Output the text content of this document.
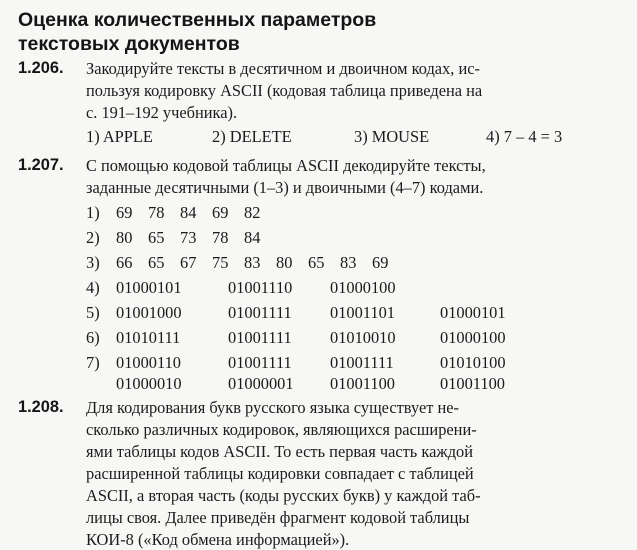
Оценка количественных параметров
текстовых документов
1.206. Закодируйте тексты в десятичном и двоичном кодах, ис-
пользуя кодировку ASCII (кодовая таблица приведена на
с. 191–192 учебника).
1) APPLE	2) DELETE	3) MOUSE	4) 7 – 4 = 3
1.207. С помощью кодовой таблицы ASCII декодируйте тексты,
заданные десятичными (1–3) и двоичными (4–7) кодами.
1.208. Для кодирования букв русского языка существует не-
сколько различных кодировок, являющихся расширени-
ями таблицы кодов ASCII. То есть первая часть каждой
расширенной таблицы кодировки совпадает с таблицей
ASCII, а вторая часть (коды русских букв) у каждой таб-
лицы своя. Далее приведён фрагмент кодовой таблицы
КОИ-8 («Код обмена информацией»).
1) 69 78 84 69 82
2) 80 65 73 78 84
3) 66 65 67 75 83 80 65 83 69
4) 01000101	01001110 01000100
5) 01001000	01001111 01001101	01000101
6) 01010111	01001111 01010010	01000100
7) 01000110	01001111 01001111	01010100
01000010	01000001 01001100	01001100
